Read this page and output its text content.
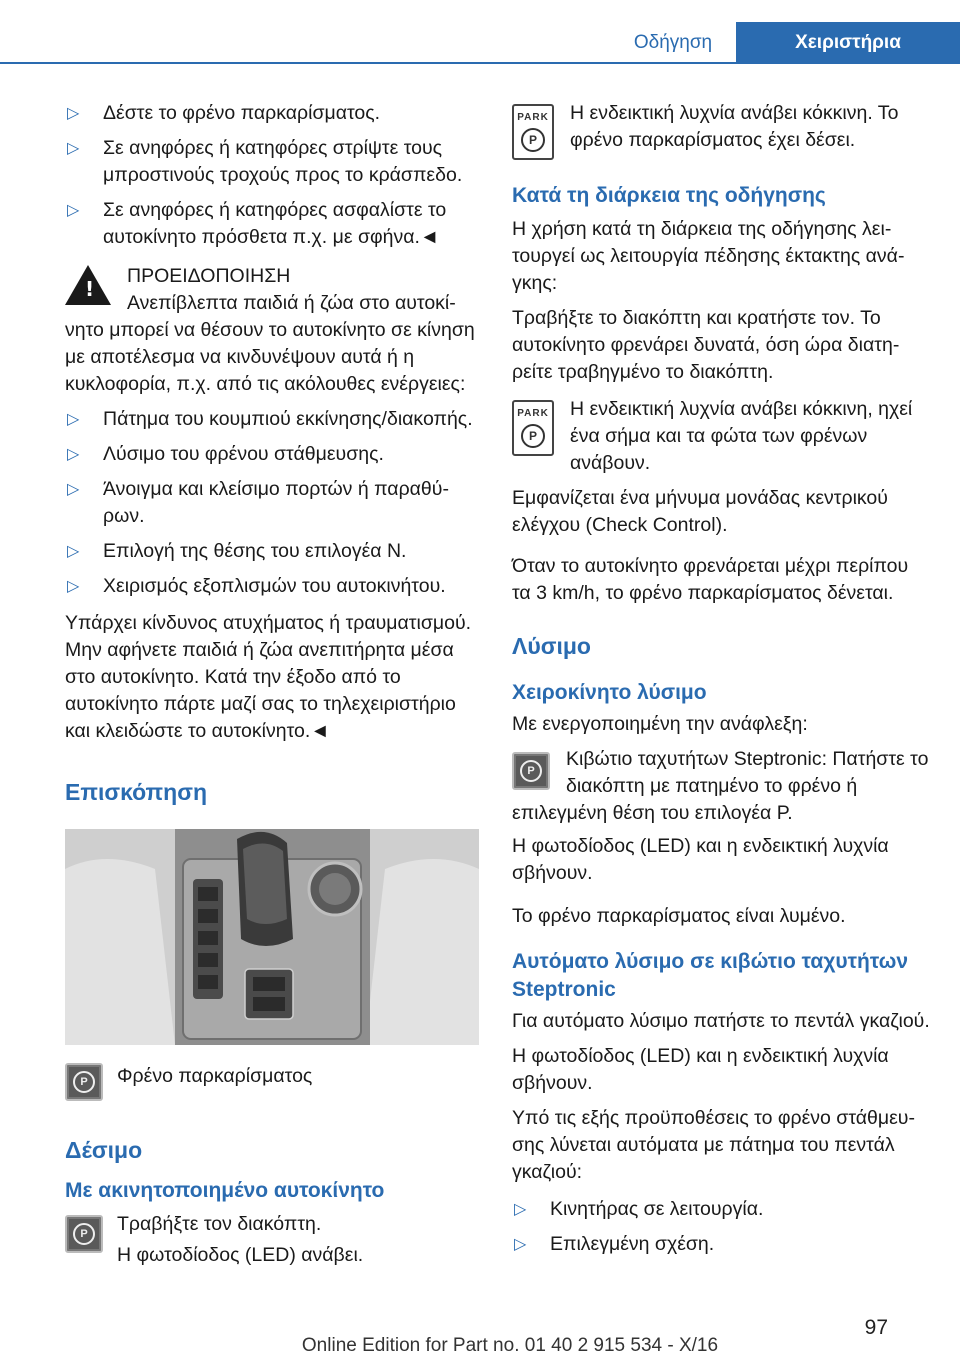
Οδήγηση	Χειριστήρια
▷ Δέστε το φρένο παρκαρίσματος.
▷ Σε ανηφόρες ή κατηφόρες στρίψτε τους μπροστινούς τροχούς προς το κράσπεδο.
▷ Σε ανηφόρες ή κατηφόρες ασφαλίστε το αυτοκίνητο πρόσθετα π.χ. με σφήνα.◄
!

ΠΡΟΕΙΔΟΠΟΙΗΣΗ

Ανεπίβλεπτα παιδιά ή ζώα στο αυτοκίνητο μπορεί να θέσουν το αυτοκίνητο σε κίνηση με αποτέλεσμα να κινδυνέψουν αυτά ή η κυκλοφορία, π.χ. από τις ακόλουθες ενέργειες:

▷ Πάτημα του κουμπιού εκκίνησης/διακοπής.
▷ Λύσιμο του φρένου στάθμευσης.
▷ Άνοιγμα και κλείσιμο πορτών ή παραθύρων.
▷ Επιλογή της θέσης του επιλογέα N.
▷ Χειρισμός εξοπλισμών του αυτοκινήτου.

Υπάρχει κίνδυνος ατυχήματος ή τραυματισμού. Μην αφήνετε παιδιά ή ζώα ανεπιτήρητα μέσα στο αυτοκίνητο. Κατά την έξοδο από το αυτοκίνητο πάρτε μαζί σας το τηλεχειριστήριο και κλειδώστε το αυτοκίνητο.◄

Επισκόπηση
P	Φρένο παρκαρίσματος

Δέσιμο
Με ακινητοποιημένο αυτοκίνητο
P	Τραβήξτε τον διακόπτη.

Η φωτοδίοδος (LED) ανάβει.

PARK
P

Η ενδεικτική λυχνία ανάβει κόκκινη. Το φρένο παρκαρίσματος έχει δέσει.

Κατά τη διάρκεια της οδήγησης

Η χρήση κατά τη διάρκεια της οδήγησης λειτουργεί ως λειτουργία πέδησης έκτακτης ανάγκης:

Τραβήξτε το διακόπτη και κρατήστε τον. Το αυτοκίνητο φρενάρει δυνατά, όση ώρα διατηρείτε τραβηγμένο το διακόπτη.

PARK
P

Η ενδεικτική λυχνία ανάβει κόκκινη, ηχεί ένα σήμα και τα φώτα των φρένων ανάβουν.

Εμφανίζεται ένα μήνυμα μονάδας κεντρικού ελέγχου (Check Control).

Όταν το αυτοκίνητο φρενάρεται μέχρι περίπου τα 3 km/h, το φρένο παρκαρίσματος δένεται.

Λύσιμο
Χειροκίνητο λύσιμο

Με ενεργοποιημένη την ανάφλεξη:

P

Κιβώτιο ταχυτήτων Steptronic: Πατήστε το διακόπτη με πατημένο το φρένο ή επιλεγμένη θέση του επιλογέα P.

Η φωτοδίοδος (LED) και η ενδεικτική λυχνία σβήνουν.

Το φρένο παρκαρίσματος είναι λυμένο.

Αυτόματο λύσιμο σε κιβώτιο ταχυτήτων Steptronic

Για αυτόματο λύσιμο πατήστε το πεντάλ γκαζιού.

Η φωτοδίοδος (LED) και η ενδεικτική λυχνία σβήνουν.

Υπό τις εξής προϋποθέσεις το φρένο στάθμευσης λύνεται αυτόματα με πάτημα του πεντάλ γκαζιού:

▷ Κινητήρας σε λειτουργία.
▷ Επιλεγμένη σχέση.
97
Online Edition for Part no. 01 40 2 915 534 - X/16
